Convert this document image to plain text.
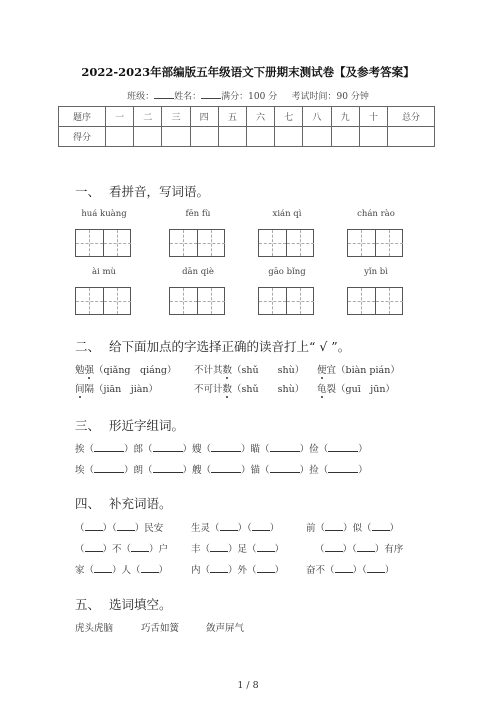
2022-2023年部编版五年级语文下册期末测试卷【及参考答案】
班级： 姓名： 满分：100 分 考试时间：90 分钟
题序	一	二	三	四	五	六	七	八	九	十	总分
得分											
一、 看拼音，写词语。
huá kuàng	fēn fù	xián qì	chán rào
ài mù	dān qiè	gāo bǐng	yǐn bì
二、 给下面加点的字选择正确的读音打上“ √ ”。
勉强（qiǎng　qiáng） 不计其数（shǔ　　shù） 便宜（biàn pián）
间隔（jiān　jiàn）	不可计数（shǔ　　shù） 龟裂（guī　jūn）
三、 形近字组词。
挨（	）郎（	）嫂（	）瞄（	）俭（	）
埃（	）朗（	）艘（	）锚（	）捡（	）
四、 补充词语。
（ ）（ ）民安	生灵（ ）（ ）	前（ ）似（ ）
（ ）不（ ）户 丰（ ）足（ ）	（ ）（ ）有序
家（ ）人（ ） 内（ ）外（ ） 奋不（ ）（ ）
五、 选词填空。
虎头虎脑	巧舌如簧	敛声屏气
1 / 8
